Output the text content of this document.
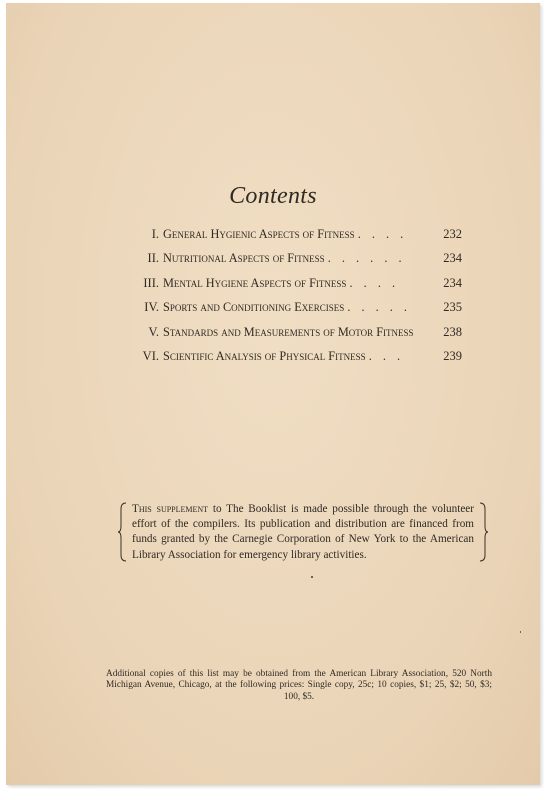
Contents
I. General Hygienic Aspects of Fitness . . . .	232
II. Nutritional Aspects of Fitness . . . . . .	234
III. Mental Hygiene Aspects of Fitness . . . .	234
IV. Sports and Conditioning Exercises . . . . .	235
V. Standards and Measurements of Motor Fitness 238
VI. Scientific Analysis of Physical Fitness . . .	239
This supplement to The Booklist is made possible through the volunteer effort of the compilers. Its publication and distribution are financed from funds granted by the Carnegie Corporation of New York to the American Library Association for emergency library activities.
Additional copies of this list may be obtained from the American Library Association, 520 North Michigan Avenue, Chicago, at the following prices: Single copy, 25c; 10 copies, $1; 25, $2; 50, $3; 100, $5.
